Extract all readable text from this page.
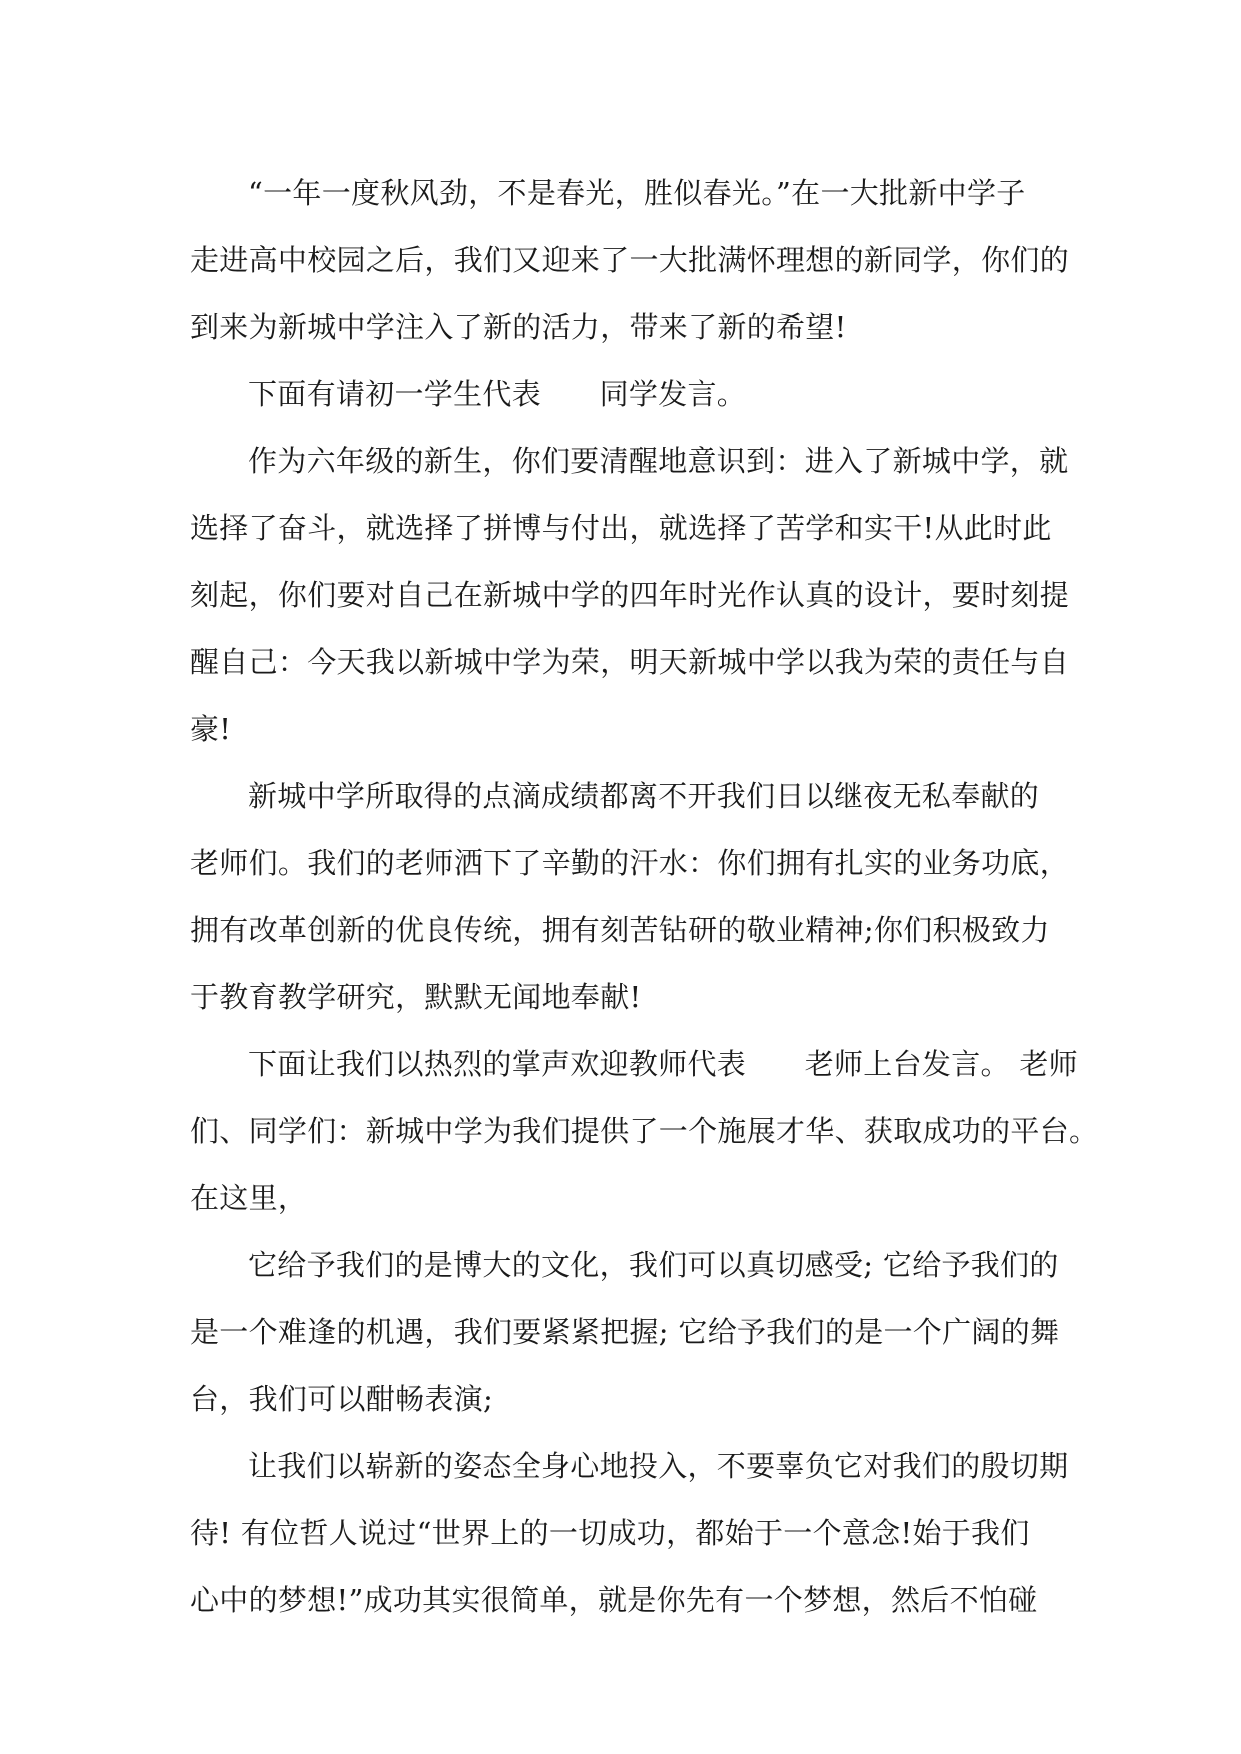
“一年一度秋风劲，不是春光，胜似春光。”在一大批新中学子
走进高中校园之后，我们又迎来了一大批满怀理想的新同学，你们的
到来为新城中学注入了新的活力，带来了新的希望!
下面有请初一学生代表　　同学发言。
作为六年级的新生，你们要清醒地意识到：进入了新城中学，就
选择了奋斗，就选择了拼博与付出，就选择了苦学和实干!从此时此
刻起，你们要对自己在新城中学的四年时光作认真的设计，要时刻提
醒自己：今天我以新城中学为荣，明天新城中学以我为荣的责任与自
豪!
新城中学所取得的点滴成绩都离不开我们日以继夜无私奉献的
老师们。我们的老师洒下了辛勤的汗水：你们拥有扎实的业务功底，
拥有改革创新的优良传统，拥有刻苦钻研的敬业精神;你们积极致力
于教育教学研究，默默无闻地奉献!
下面让我们以热烈的掌声欢迎教师代表　　老师上台发言。 老师
们、同学们：新城中学为我们提供了一个施展才华、获取成功的平台。
在这里，
它给予我们的是博大的文化，我们可以真切感受; 它给予我们的
是一个难逢的机遇，我们要紧紧把握; 它给予我们的是一个广阔的舞
台，我们可以酣畅表演;
让我们以崭新的姿态全身心地投入，不要辜负它对我们的殷切期
待! 有位哲人说过“世界上的一切成功，都始于一个意念!始于我们
心中的梦想!”成功其实很简单，就是你先有一个梦想，然后不怕碰
